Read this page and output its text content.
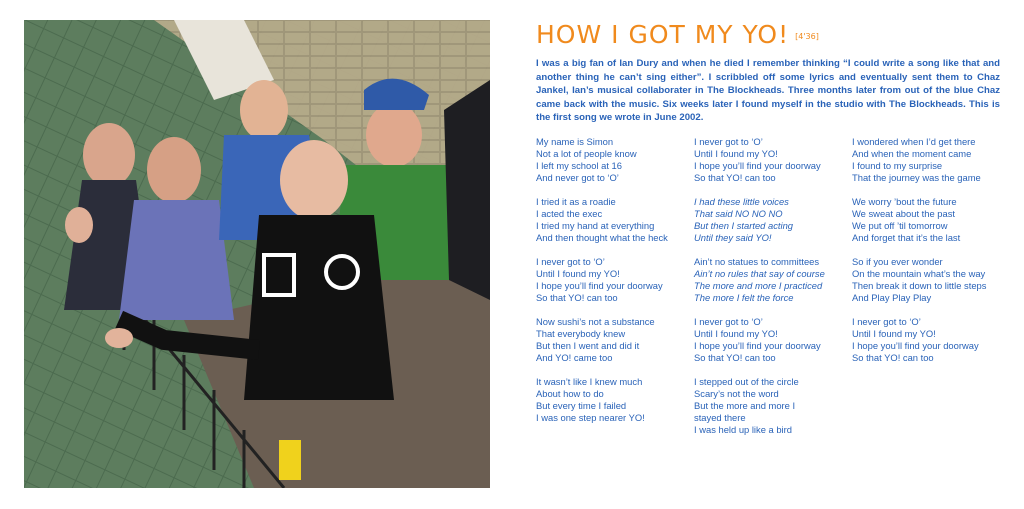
HOW I GOT MY YO! [4'36]
I was a big fan of Ian Dury and when he died I remember thinking “I could write a song like that and another thing he can’t sing either”. I scribbled off some lyrics and eventually sent them to Chaz Jankel, Ian’s musical collaborater in The Blockheads. Three months later from out of the blue Chaz came back with the music. Six weeks later I found myself in the studio with The Blockheads. This is the first song we wrote in June 2002.
My name is Simon
Not a lot of people know
I left my school at 16
And never got to ‘O’
I tried it as a roadie
I acted the exec
I tried my hand at everything
And then thought what the heck
I never got to ‘O’
Until I found my YO!
I hope you’ll find your doorway
So that YO! can too
Now sushi’s not a substance
That everybody knew
But then I went and did it
And YO! came too
It wasn’t like I knew much
About how to do
But every time I failed
I was one step nearer YO!
I never got to ‘O’
Until I found my YO!
I hope you’ll find your doorway
So that YO! can too
I had these little voices
That said NO NO NO
But then I started acting
Until they said YO!
Ain’t no statues to committees
Ain’t no rules that say of course
The more and more I practiced
The more I felt the force
I never got to ‘O’
Until I found my YO!
I hope you’ll find your doorway
So that YO! can too
I stepped out of the circle
Scary’s not the word
But the more and more I
stayed there
I was held up like a bird
I wondered when I’d get there
And when the moment came
I found to my surprise
That the journey was the game
We worry ’bout the future
We sweat about the past
We put off ’til tomorrow
And forget that it’s the last
So if you ever wonder
On the mountain what’s the way
Then break it down to little steps
And Play Play Play
I never got to ‘O’
Until I found my YO!
I hope you’ll find your doorway
So that YO! can too
